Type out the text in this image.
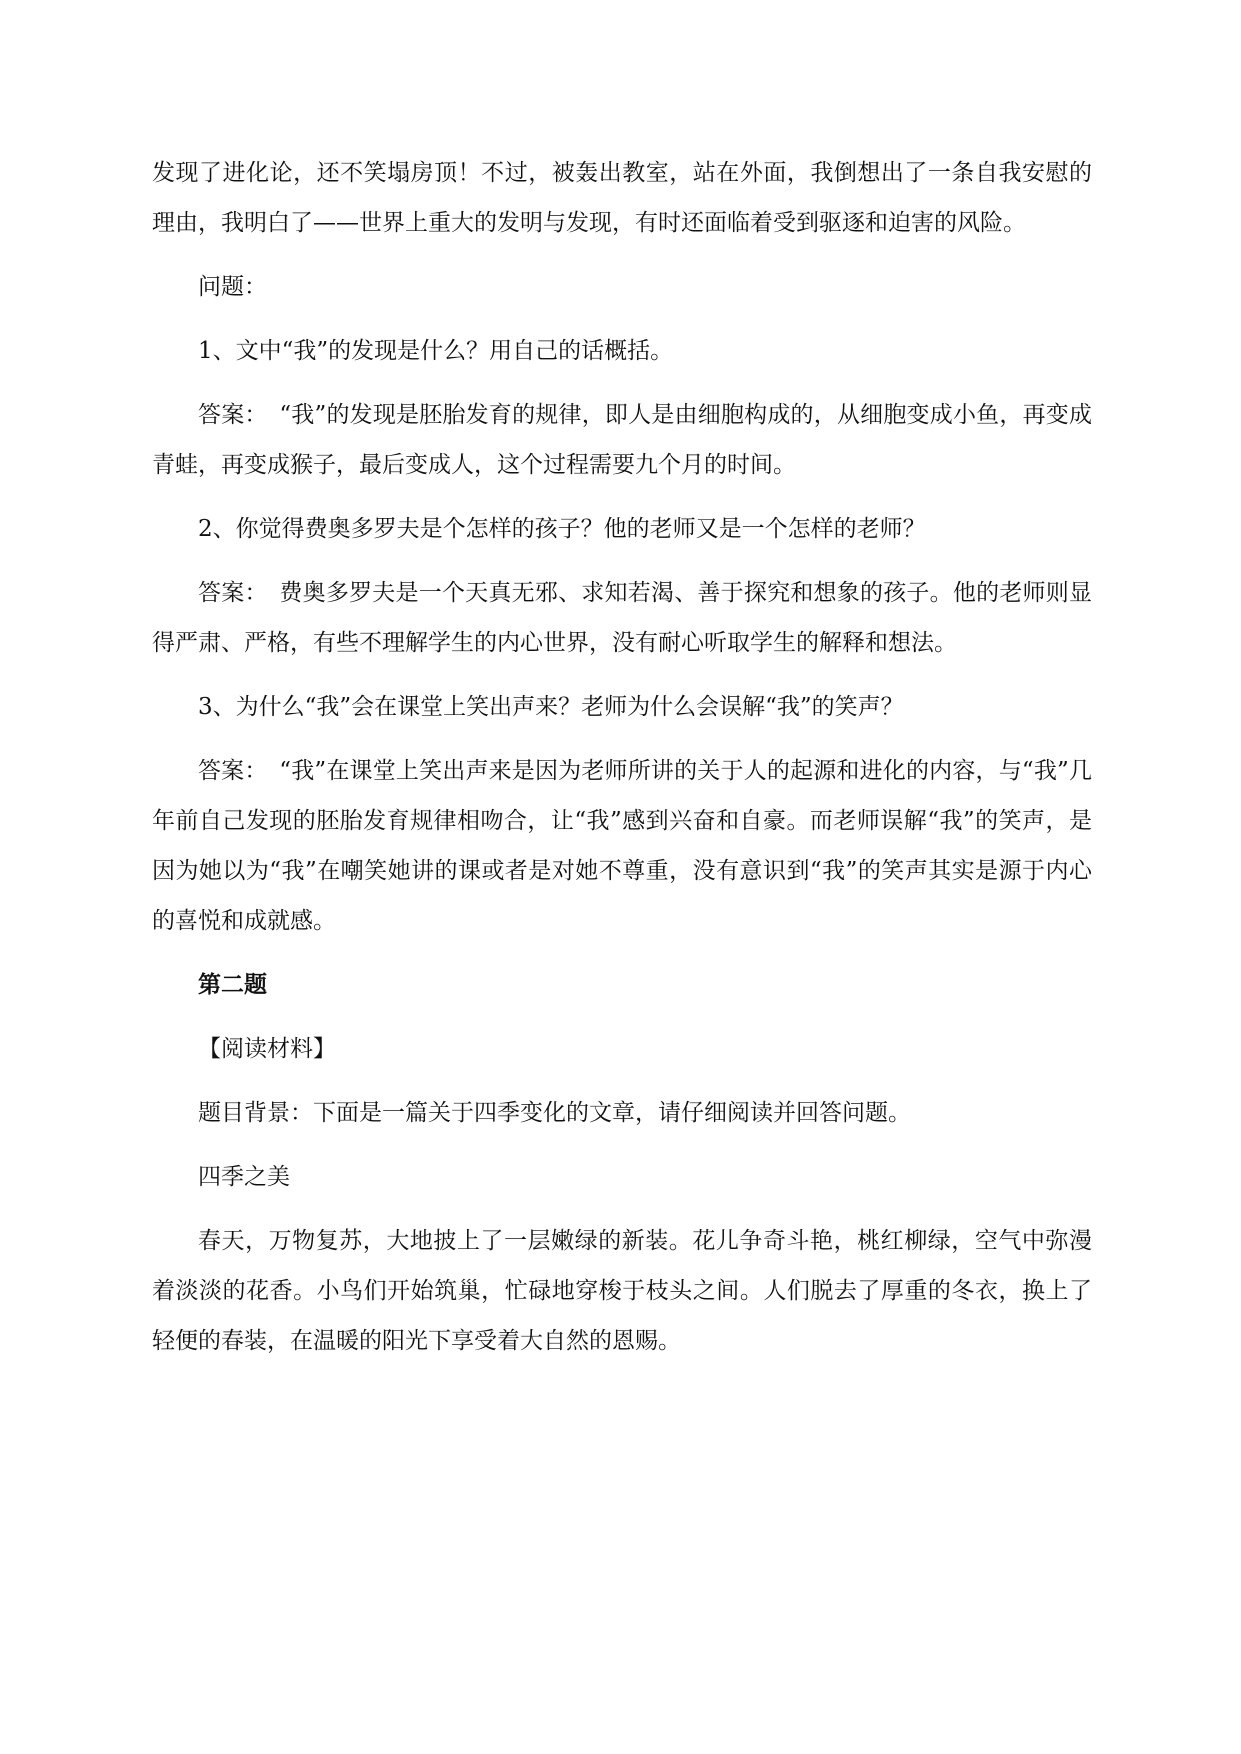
发现了进化论，还不笑塌房顶！不过，被轰出教室，站在外面，我倒想出了一条自我安慰的理由，我明白了——世界上重大的发明与发现，有时还面临着受到驱逐和迫害的风险。

问题：

1、文中“我”的发现是什么？用自己的话概括。

答案：　“我”的发现是胚胎发育的规律，即人是由细胞构成的，从细胞变成小鱼，再变成青蛙，再变成猴子，最后变成人，这个过程需要九个月的时间。

2、你觉得费奥多罗夫是个怎样的孩子？他的老师又是一个怎样的老师？

答案：　费奥多罗夫是一个天真无邪、求知若渴、善于探究和想象的孩子。他的老师则显得严肃、严格，有些不理解学生的内心世界，没有耐心听取学生的解释和想法。

3、为什么“我”会在课堂上笑出声来？老师为什么会误解“我”的笑声？

答案：　“我”在课堂上笑出声来是因为老师所讲的关于人的起源和进化的内容，与“我”几年前自己发现的胚胎发育规律相吻合，让“我”感到兴奋和自豪。而老师误解“我”的笑声，是因为她以为“我”在嘲笑她讲的课或者是对她不尊重，没有意识到“我”的笑声其实是源于内心的喜悦和成就感。

第二题

【阅读材料】

题目背景：下面是一篇关于四季变化的文章，请仔细阅读并回答问题。

四季之美

春天，万物复苏，大地披上了一层嫩绿的新装。花儿争奇斗艳，桃红柳绿，空气中弥漫着淡淡的花香。小鸟们开始筑巢，忙碌地穿梭于枝头之间。人们脱去了厚重的冬衣，换上了轻便的春装，在温暖的阳光下享受着大自然的恩赐。
